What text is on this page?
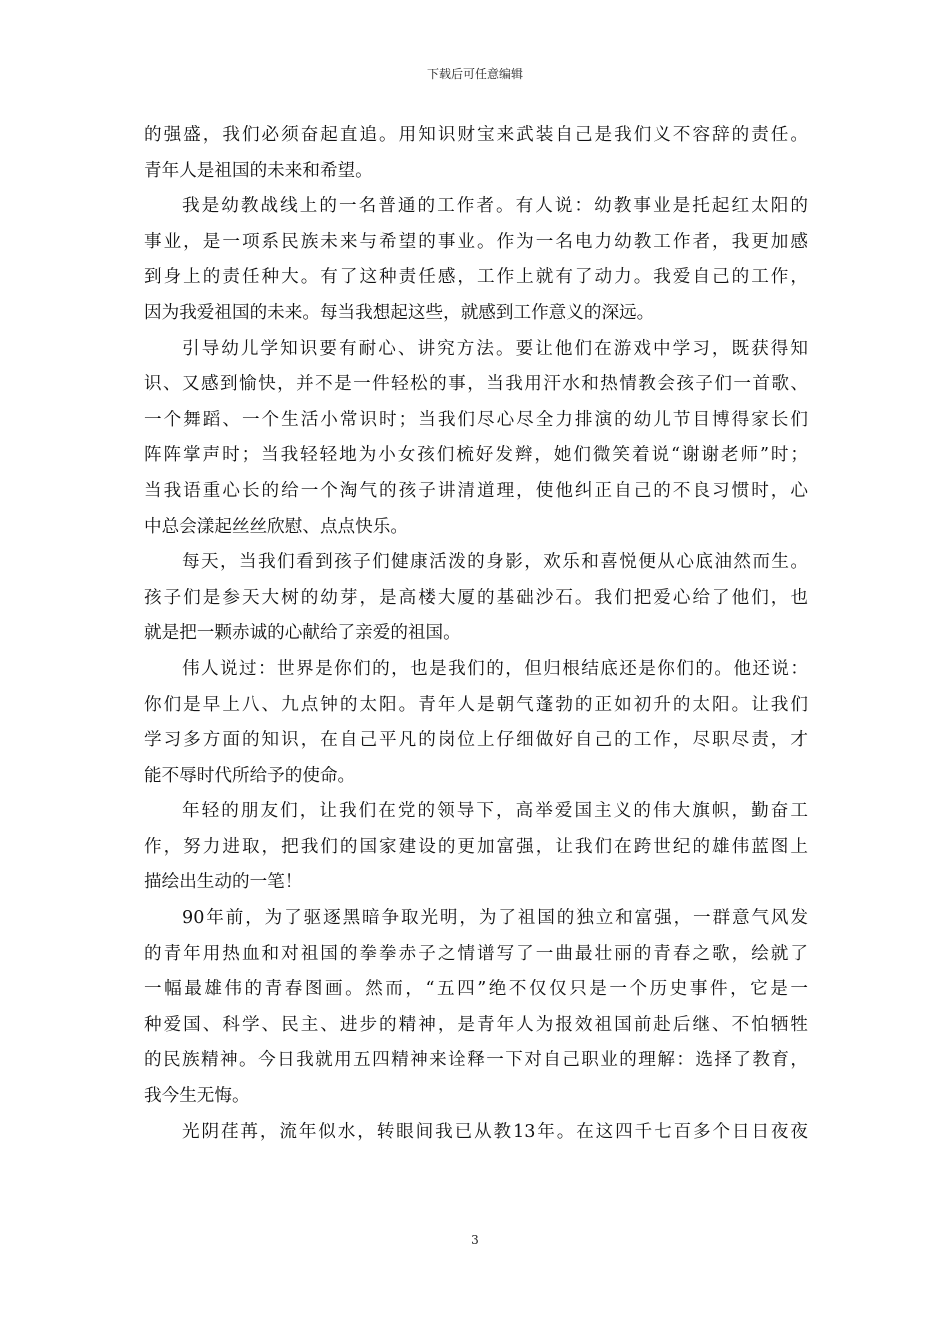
下载后可任意编辑
的强盛，我们必须奋起直追。用知识财宝来武装自己是我们义不容辞的责任。
青年人是祖国的未来和希望。
我是幼教战线上的一名普通的工作者。有人说：幼教事业是托起红太阳的
事业，是一项系民族未来与希望的事业。作为一名电力幼教工作者，我更加感
到身上的责任种大。有了这种责任感，工作上就有了动力。我爱自己的工作，
因为我爱祖国的未来。每当我想起这些，就感到工作意义的深远。
引导幼儿学知识要有耐心、讲究方法。要让他们在游戏中学习，既获得知
识、又感到愉快，并不是一件轻松的事，当我用汗水和热情教会孩子们一首歌、
一个舞蹈、一个生活小常识时；当我们尽心尽全力排演的幼儿节目博得家长们
阵阵掌声时；当我轻轻地为小女孩们梳好发辫，她们微笑着说“谢谢老师”时；
当我语重心长的给一个淘气的孩子讲清道理，使他纠正自己的不良习惯时，心
中总会漾起丝丝欣慰、点点快乐。
每天，当我们看到孩子们健康活泼的身影，欢乐和喜悦便从心底油然而生。
孩子们是参天大树的幼芽，是高楼大厦的基础沙石。我们把爱心给了他们，也
就是把一颗赤诚的心献给了亲爱的祖国。
伟人说过：世界是你们的，也是我们的，但归根结底还是你们的。他还说：
你们是早上八、九点钟的太阳。青年人是朝气蓬勃的正如初升的太阳。让我们
学习多方面的知识，在自己平凡的岗位上仔细做好自己的工作，尽职尽责，才
能不辱时代所给予的使命。
年轻的朋友们，让我们在党的领导下，高举爱国主义的伟大旗帜，勤奋工
作，努力进取，把我们的国家建设的更加富强，让我们在跨世纪的雄伟蓝图上
描绘出生动的一笔！
90年前，为了驱逐黑暗争取光明，为了祖国的独立和富强，一群意气风发
的青年用热血和对祖国的拳拳赤子之情谱写了一曲最壮丽的青春之歌，绘就了
一幅最雄伟的青春图画。然而，“五四”绝不仅仅只是一个历史事件，它是一
种爱国、科学、民主、进步的精神，是青年人为报效祖国前赴后继、不怕牺牲
的民族精神。今日我就用五四精神来诠释一下对自己职业的理解：选择了教育，
我今生无悔。
光阴荏苒，流年似水，转眼间我已从教13年。在这四千七百多个日日夜夜
3
